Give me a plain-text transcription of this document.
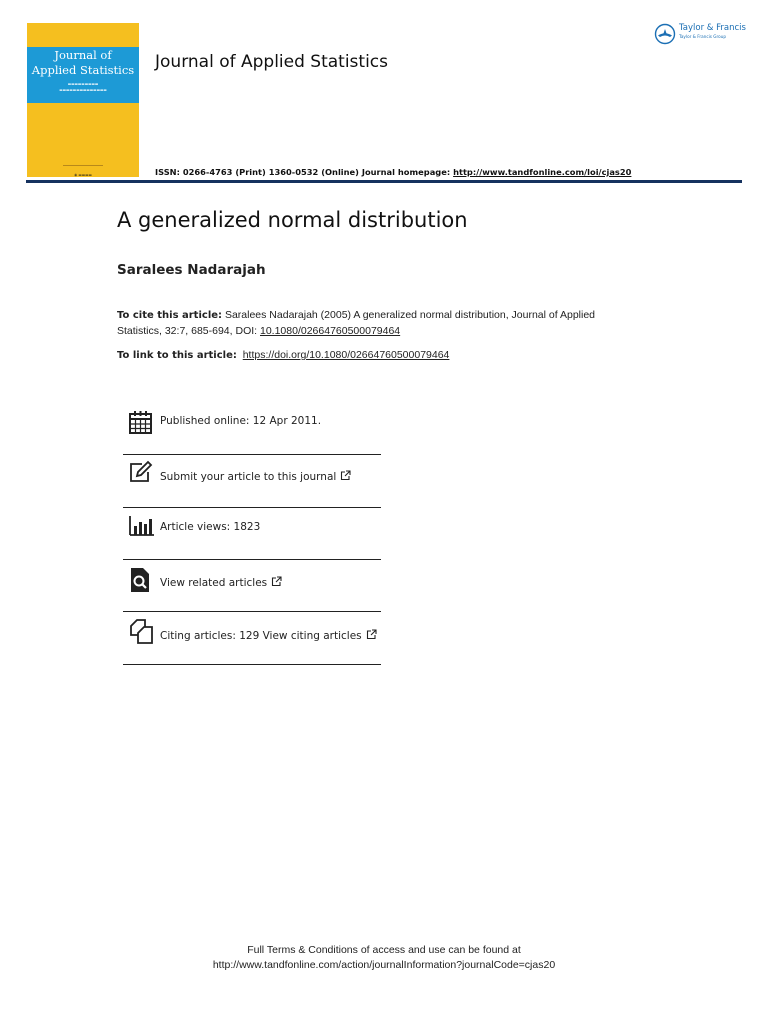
Journal of
Applied Statistics
▬▬▬▬▬▬▬▬▬
▬▬▬▬▬▬▬▬▬▬▬▬▬▬
◉ ▬▬▬▬
Journal of Applied Statistics
Taylor & Francis
Taylor & Francis Group
ISSN: 0266-4763 (Print) 1360-0532 (Online) Journal homepage: http://www.tandfonline.com/loi/cjas20
A generalized normal distribution
Saralees Nadarajah
To cite this article: Saralees Nadarajah (2005) A generalized normal distribution, Journal of Applied Statistics, 32:7, 685-694, DOI: 10.1080/02664760500079464
To link to this article: https://doi.org/10.1080/02664760500079464
Published online: 12 Apr 2011.
Submit your article to this journal
Article views: 1823
View related articles
Citing articles: 129 View citing articles
Full Terms & Conditions of access and use can be found at
http://www.tandfonline.com/action/journalInformation?journalCode=cjas20
